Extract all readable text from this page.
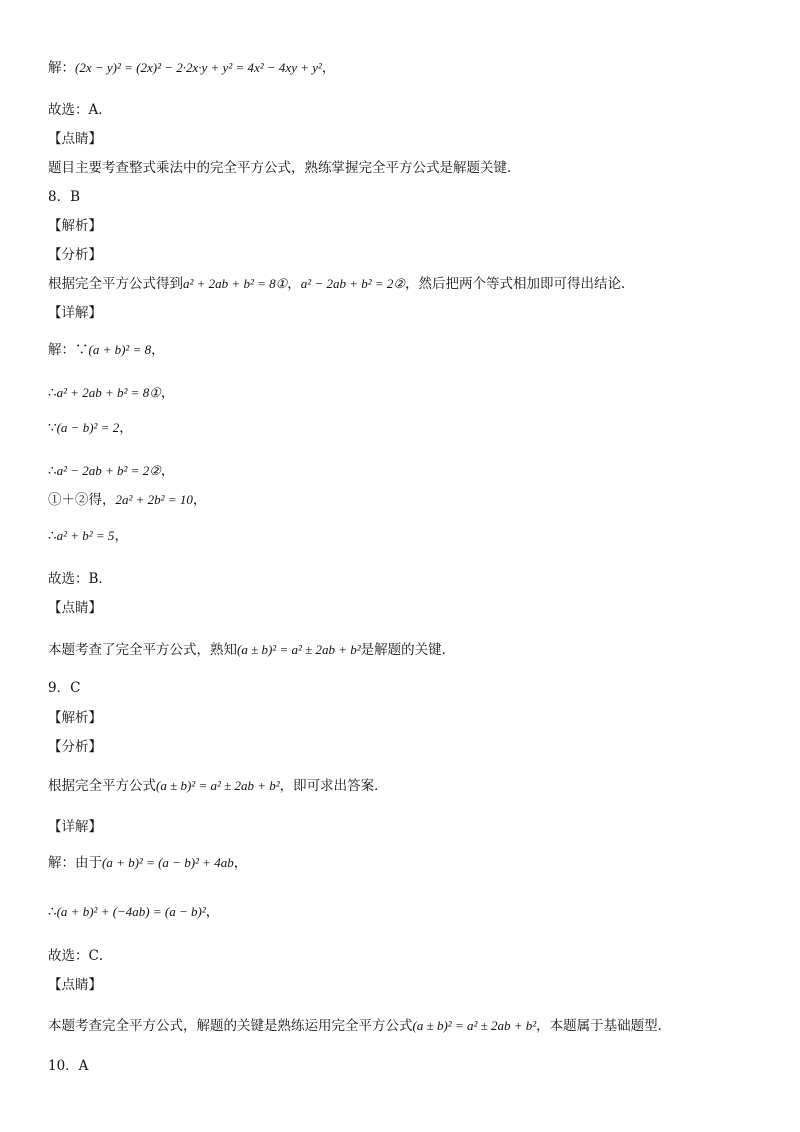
解：(2x − y)² = (2x)² − 2·2x·y + y² = 4x² − 4xy + y²，
故选：A．
【点睛】
题目主要考查整式乘法中的完全平方公式，熟练掌握完全平方公式是解题关键．
8．B
【解析】
【分析】
根据完全平方公式得到a² + 2ab + b² = 8①，a² − 2ab + b² = 2②，然后把两个等式相加即可得出结论．
【详解】
解：∵(a + b)² = 8，
∴a² + 2ab + b² = 8①，
∵(a − b)² = 2，
∴a² − 2ab + b² = 2②，
①＋②得，2a² + 2b² = 10，
∴a² + b² = 5，
故选：B．
【点睛】
本题考查了完全平方公式，熟知(a ± b)² = a² ± 2ab + b²是解题的关键．
9．C
【解析】
【分析】
根据完全平方公式(a ± b)² = a² ± 2ab + b²，即可求出答案．
【详解】
解：由于(a + b)² = (a − b)² + 4ab，
∴(a + b)² + (−4ab) = (a − b)²，
故选：C．
【点睛】
本题考查完全平方公式，解题的关键是熟练运用完全平方公式(a ± b)² = a² ± 2ab + b²，本题属于基础题型．
10．A
